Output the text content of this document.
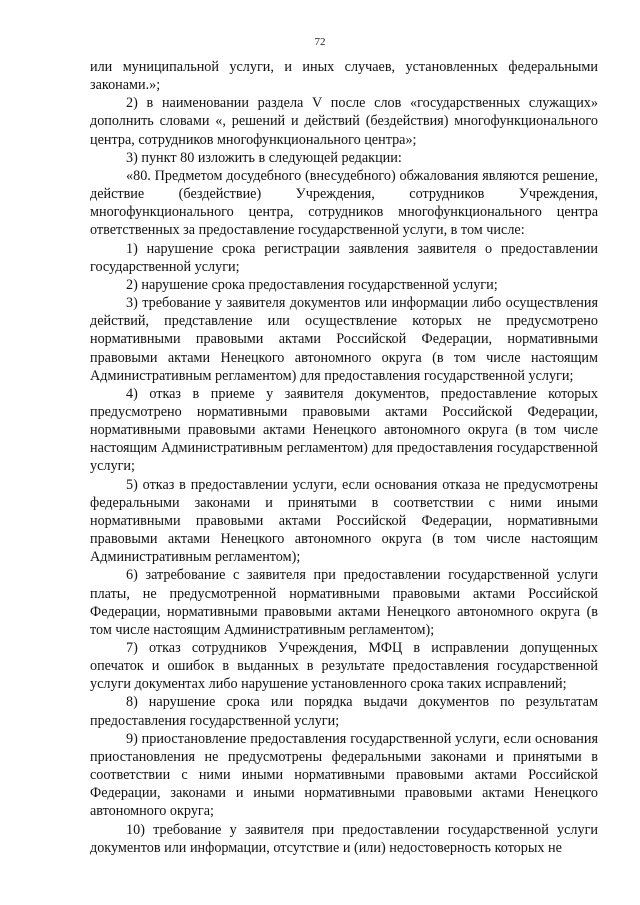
72

или муниципальной услуги, и иных случаев, установленных федеральными законами.»;

2) в наименовании раздела V после слов «государственных служащих» дополнить словами «, решений и действий (бездействия) многофункционального центра, сотрудников многофункционального центра»;

3) пункт 80 изложить в следующей редакции:

«80. Предметом досудебного (внесудебного) обжалования являются решение, действие (бездействие) Учреждения, сотрудников Учреждения, многофункционального центра, сотрудников многофункционального центра ответственных за предоставление государственной услуги, в том числе:

1) нарушение срока регистрации заявления заявителя о предоставлении государственной услуги;

2) нарушение срока предоставления государственной услуги;

3) требование у заявителя документов или информации либо осуществления действий, представление или осуществление которых не предусмотрено нормативными правовыми актами Российской Федерации, нормативными правовыми актами Ненецкого автономного округа (в том числе настоящим Административным регламентом) для предоставления государственной услуги;

4) отказ в приеме у заявителя документов, предоставление которых предусмотрено нормативными правовыми актами Российской Федерации, нормативными правовыми актами Ненецкого автономного округа (в том числе настоящим Административным регламентом) для предоставления государственной услуги;

5) отказ в предоставлении услуги, если основания отказа не предусмотрены федеральными законами и принятыми в соответствии с ними иными нормативными правовыми актами Российской Федерации, нормативными правовыми актами Ненецкого автономного округа (в том числе настоящим Административным регламентом);

6) затребование с заявителя при предоставлении государственной услуги платы, не предусмотренной нормативными правовыми актами Российской Федерации, нормативными правовыми актами Ненецкого автономного округа (в том числе настоящим Административным регламентом);

7) отказ сотрудников Учреждения, МФЦ в исправлении допущенных опечаток и ошибок в выданных в результате предоставления государственной услуги документах либо нарушение установленного срока таких исправлений;

8) нарушение срока или порядка выдачи документов по результатам предоставления государственной услуги;

9) приостановление предоставления государственной услуги, если основания приостановления не предусмотрены федеральными законами и принятыми в соответствии с ними иными нормативными правовыми актами Российской Федерации, законами и иными нормативными правовыми актами Ненецкого автономного округа;

10) требование у заявителя при предоставлении государственной услуги документов или информации, отсутствие и (или) недостоверность которых не
